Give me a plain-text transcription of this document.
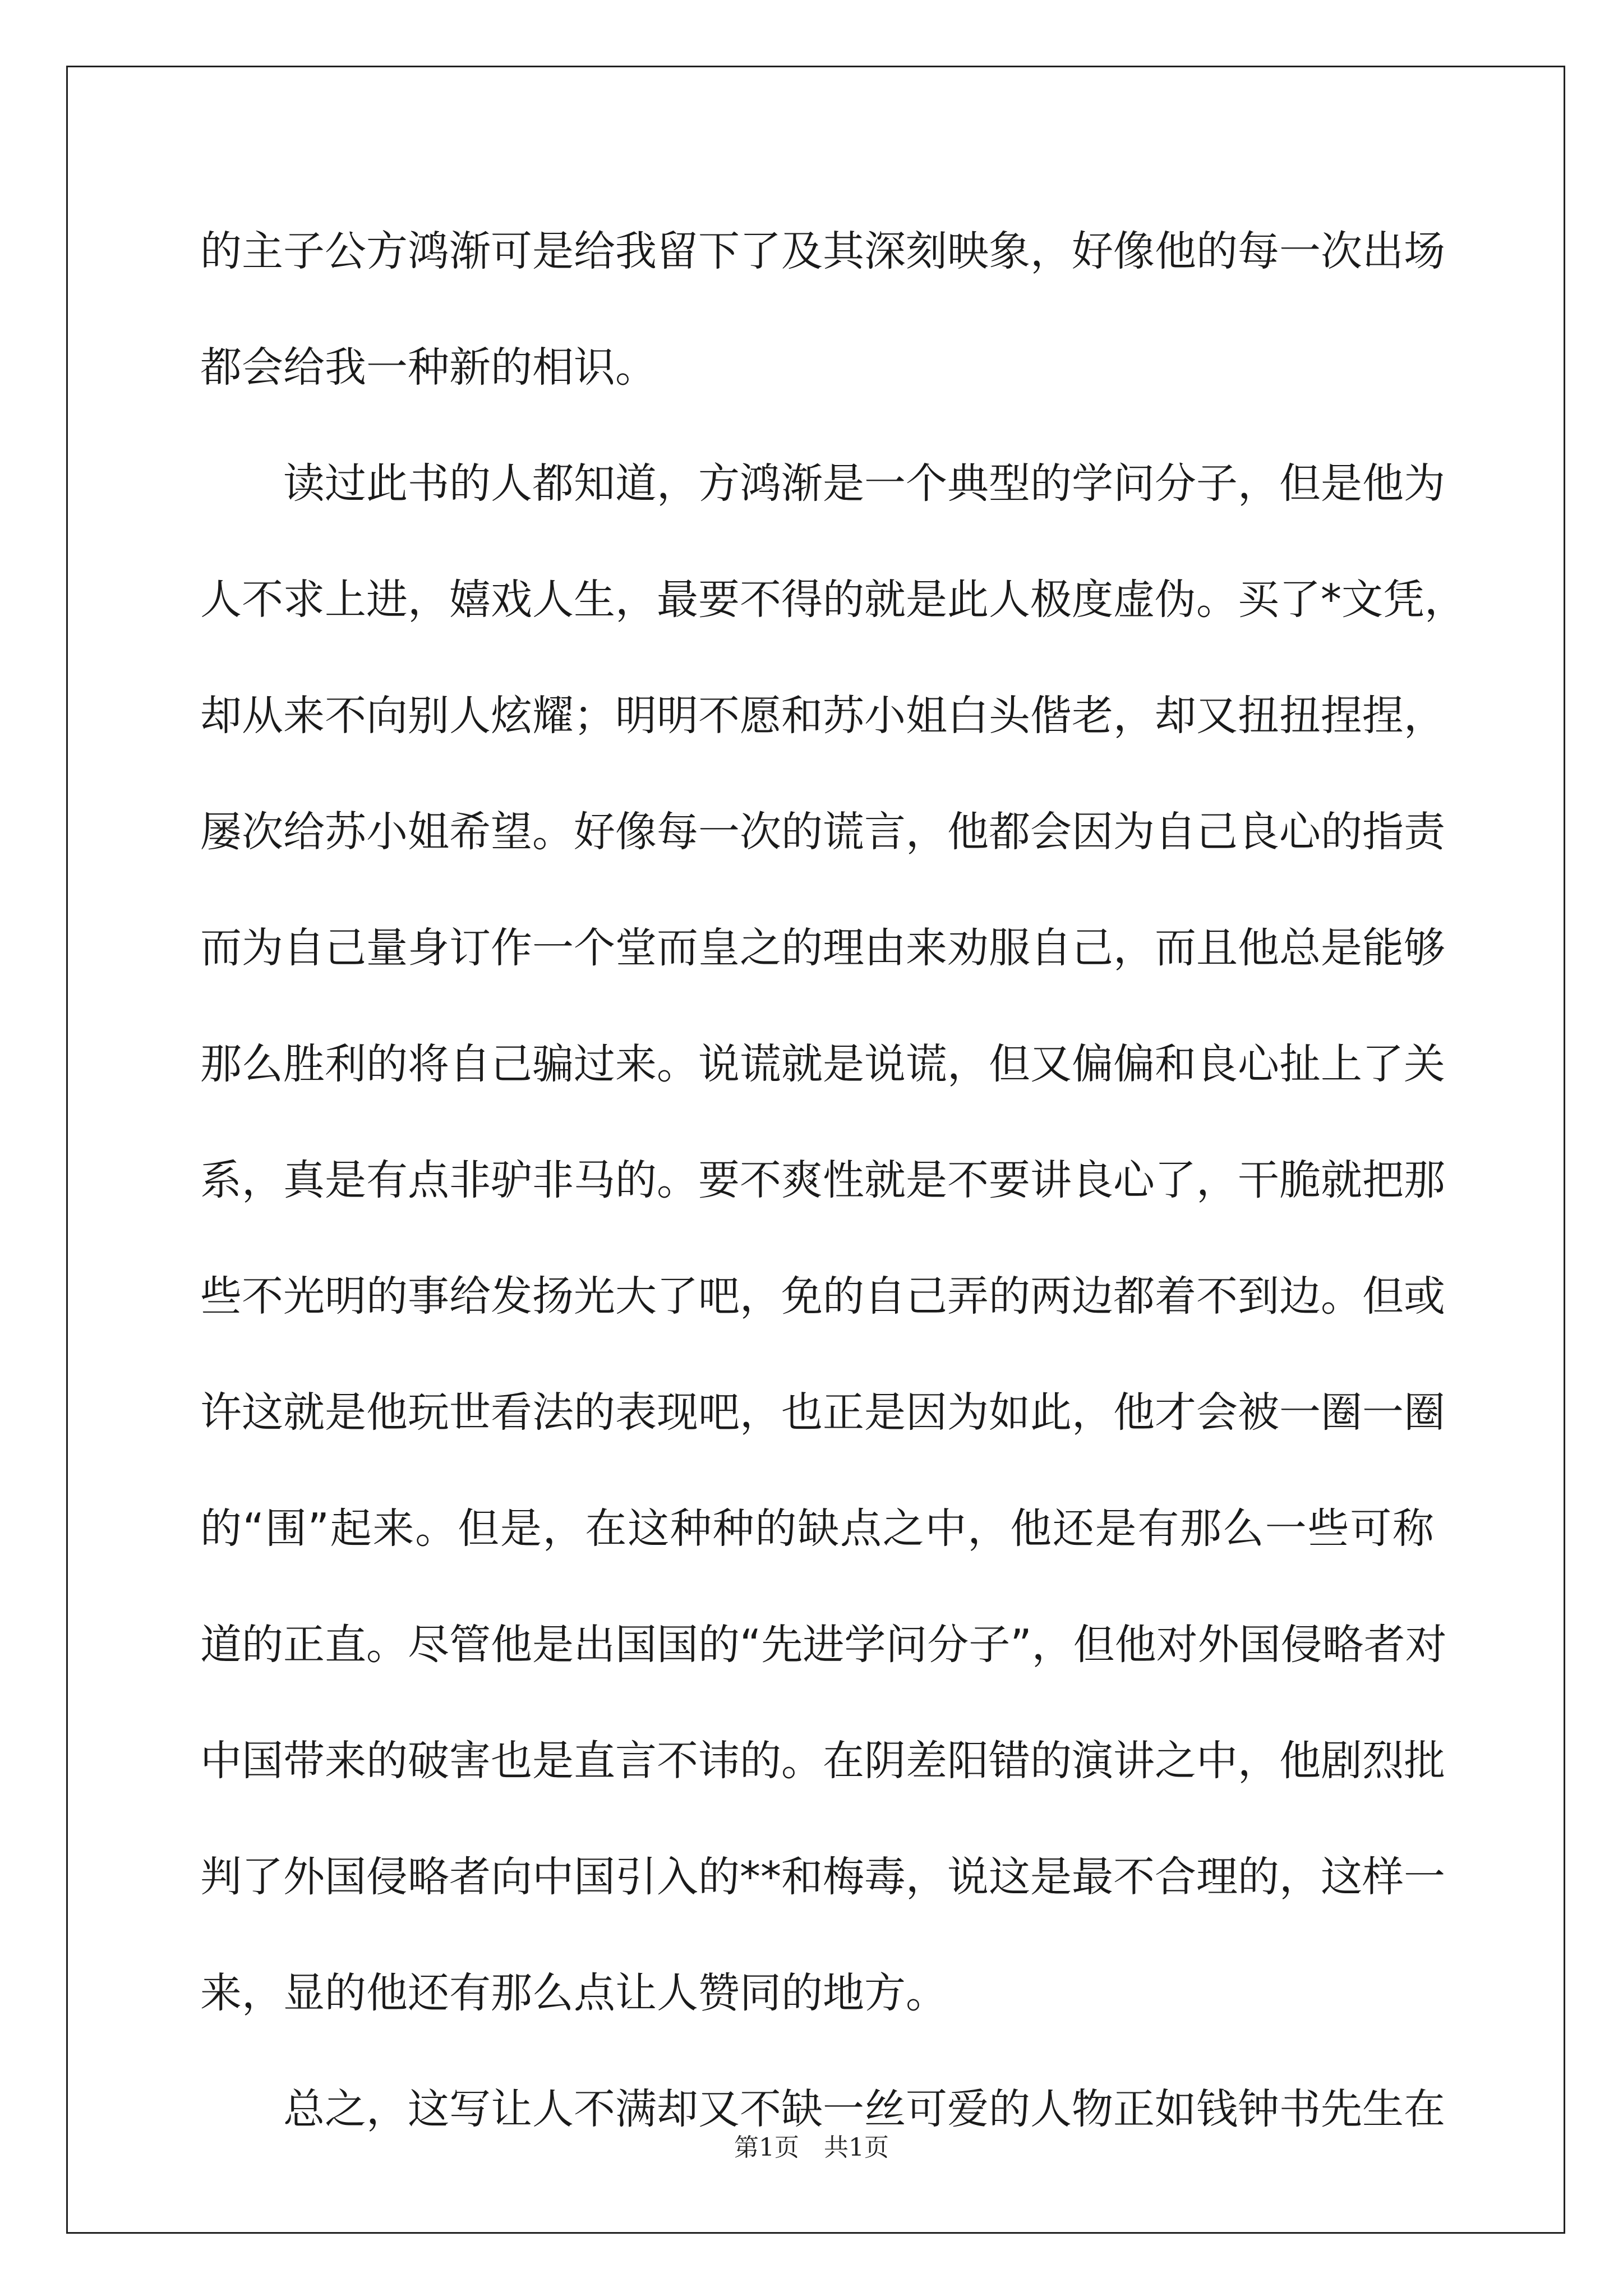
的主子公方鸿渐可是给我留下了及其深刻映象，好像他的每一次出场
都会给我一种新的相识。
读过此书的人都知道，方鸿渐是一个典型的学问分子，但是他为
人不求上进，嬉戏人生，最要不得的就是此人极度虚伪。买了*文凭，
却从来不向别人炫耀；明明不愿和苏小姐白头偕老，却又扭扭捏捏，
屡次给苏小姐希望。好像每一次的谎言，他都会因为自己良心的指责
而为自己量身订作一个堂而皇之的理由来劝服自己，而且他总是能够
那么胜利的将自己骗过来。说谎就是说谎，但又偏偏和良心扯上了关
系，真是有点非驴非马的。要不爽性就是不要讲良心了，干脆就把那
些不光明的事给发扬光大了吧，免的自己弄的两边都着不到边。但或
许这就是他玩世看法的表现吧，也正是因为如此，他才会被一圈一圈
的“围”起来。但是，在这种种的缺点之中，他还是有那么一些可称
道的正直。尽管他是出国国的“先进学问分子”，但他对外国侵略者对
中国带来的破害也是直言不讳的。在阴差阳错的演讲之中，他剧烈批
判了外国侵略者向中国引入的**和梅毒，说这是最不合理的，这样一
来，显的他还有那么点让人赞同的地方。
总之，这写让人不满却又不缺一丝可爱的人物正如钱钟书先生在
第1页　共1页
